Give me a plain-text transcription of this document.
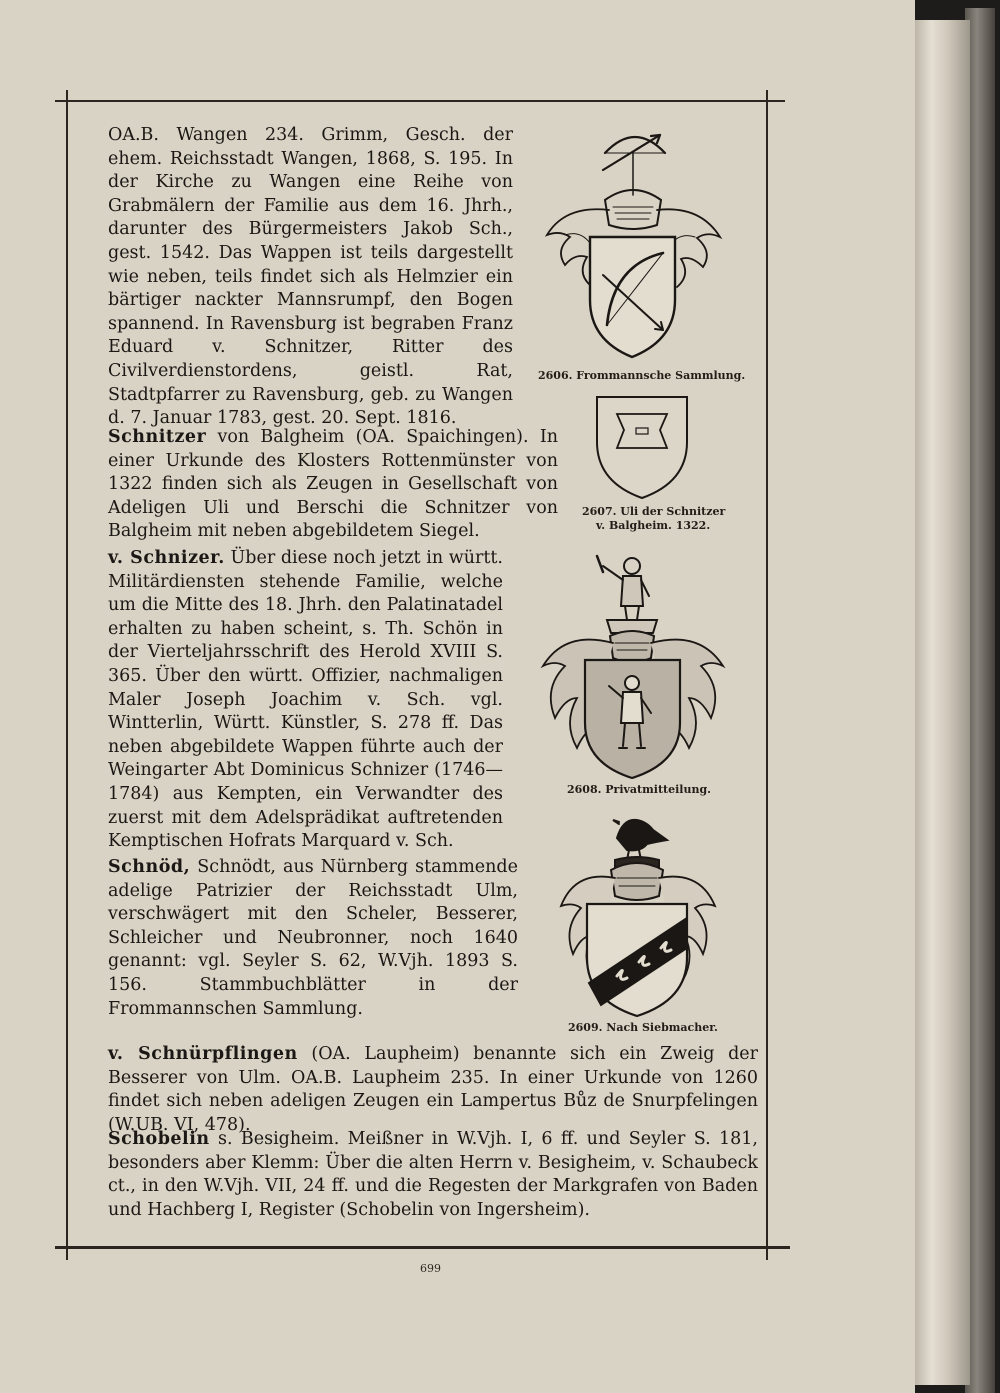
OA.B. Wangen 234. Grimm, Gesch. der ehem. Reichsstadt Wangen, 1868, S. 195. In der Kirche zu Wangen eine Reihe von Grabmälern der Familie aus dem 16. Jhrh., darunter des Bürgermeisters Jakob Sch., gest. 1542. Das Wappen ist teils dargestellt wie neben, teils findet sich als Helmzier ein bärtiger nackter Mannsrumpf, den Bogen spannend. In Ravensburg ist begraben Franz Eduard v. Schnitzer, Ritter des Civilverdienstordens, geistl. Rat, Stadtpfarrer zu Ravensburg, geb. zu Wangen d. 7. Januar 1783, gest. 20. Sept. 1816.

Schnitzer von Balgheim (OA. Spaichingen). In einer Urkunde des Klosters Rottenmünster von 1322 finden sich als Zeugen in Gesellschaft von Adeligen Uli und Berschi die Schnitzer von Balgheim mit neben abgebildetem Siegel.

v. Schnizer. Über diese noch jetzt in württ. Militärdiensten stehende Familie, welche um die Mitte des 18. Jhrh. den Palatinatadel erhalten zu haben scheint, s. Th. Schön in der Vierteljahrsschrift des Herold XVIII S. 365. Über den württ. Offizier, nachmaligen Maler Joseph Joachim v. Sch. vgl. Wintterlin, Württ. Künstler, S. 278 ff. Das neben abgebildete Wappen führte auch der Weingarter Abt Dominicus Schnizer (1746—1784) aus Kempten, ein Verwandter des zuerst mit dem Adelsprädikat auftretenden Kemptischen Hofrats Marquard v. Sch.

Schnöd, Schnödt, aus Nürnberg stammende adelige Patrizier der Reichsstadt Ulm, verschwägert mit den Scheler, Besserer, Schleicher und Neubronner, noch 1640 genannt: vgl. Seyler S. 62, W.Vjh. 1893 S. 156. Stammbuchblätter in der Frommannschen Sammlung.

v. Schnürpflingen (OA. Laupheim) benannte sich ein Zweig der Besserer von Ulm. OA.B. Laupheim 235. In einer Urkunde von 1260 findet sich neben adeligen Zeugen ein Lampertus Bůz de Snurpfelingen (W.UB. VI, 478).

Schobelin s. Besigheim. Meißner in W.Vjh. I, 6 ff. und Seyler S. 181, besonders aber Klemm: Über die alten Herrn v. Besigheim, v. Schaubeck ct., in den W.Vjh. VII, 24 ff. und die Regesten der Markgrafen von Baden und Hachberg I, Register (Schobelin von Ingersheim).

2606. Frommannsche Sammlung.
2607. Uli der Schnitzer
v. Balgheim. 1322.
2608. Privatmitteilung.
2609. Nach Siebmacher.
699
